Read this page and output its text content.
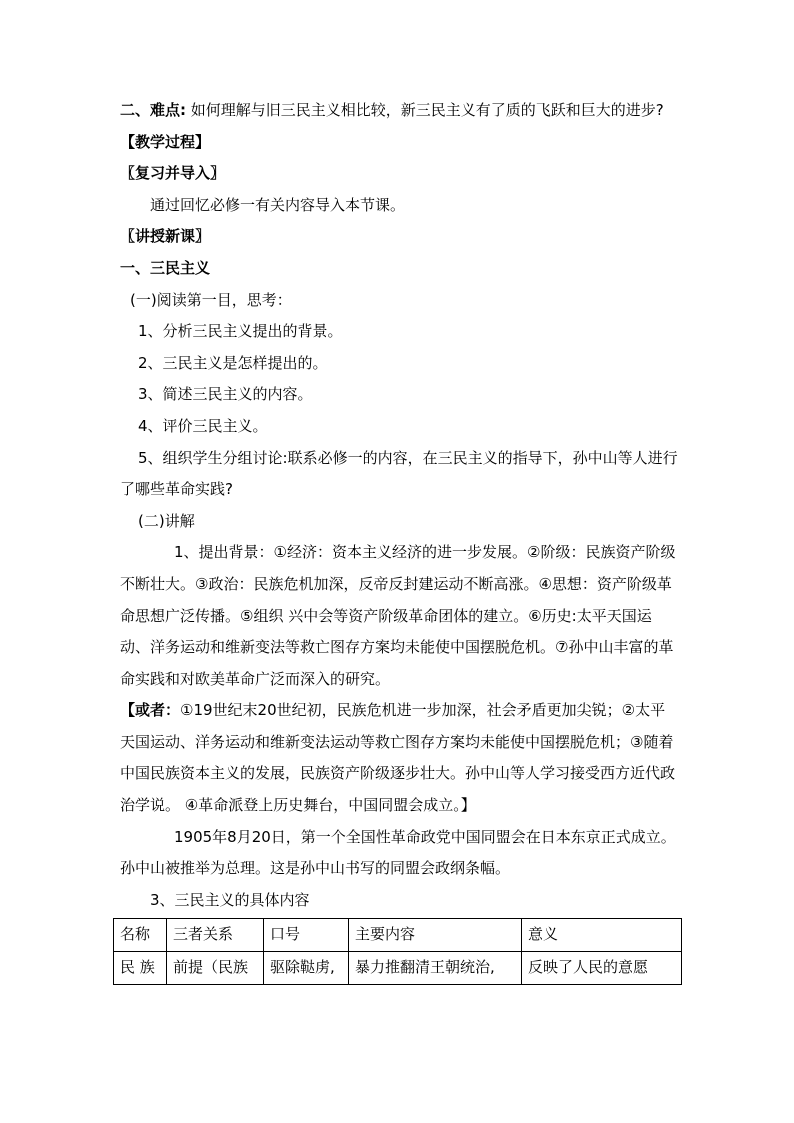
二、难点: 如何理解与旧三民主义相比较，新三民主义有了质的飞跃和巨大的进步?

【教学过程】

〖复习并导入〗

通过回忆必修一有关内容导入本节课。

〖讲授新课〗

一、三民主义

(一)阅读第一目，思考：

1、分析三民主义提出的背景。

2、三民主义是怎样提出的。

3、简述三民主义的内容。

4、评价三民主义。

5、组织学生分组讨论:联系必修一的内容，在三民主义的指导下，孙中山等人进行了哪些革命实践?

(二)讲解

1、提出背景：①经济：资本主义经济的进一步发展。②阶级：民族资产阶级不断壮大。③政治：民族危机加深，反帝反封建运动不断高涨。④思想：资产阶级革命思想广泛传播。⑤组织 兴中会等资产阶级革命团体的建立。⑥历史:太平天国运动、洋务运动和维新变法等救亡图存方案均未能使中国摆脱危机。⑦孙中山丰富的革命实践和对欧美革命广泛而深入的研究。

【或者：①19世纪末20世纪初，民族危机进一步加深，社会矛盾更加尖锐；②太平天国运动、洋务运动和维新变法运动等救亡图存方案均未能使中国摆脱危机；③随着中国民族资本主义的发展，民族资产阶级逐步壮大。孙中山等人学习接受西方近代政治学说。 ④革命派登上历史舞台，中国同盟会成立。】

1905年8月20日，第一个全国性革命政党中国同盟会在日本东京正式成立。孙中山被推举为总理。这是孙中山书写的同盟会政纲条幅。

3、三民主义的具体内容

名称	三者关系	口号	主要内容	意义
民 族	前提（民族	驱除鞑虏,	暴力推翻清王朝统治,	反映了人民的意愿
